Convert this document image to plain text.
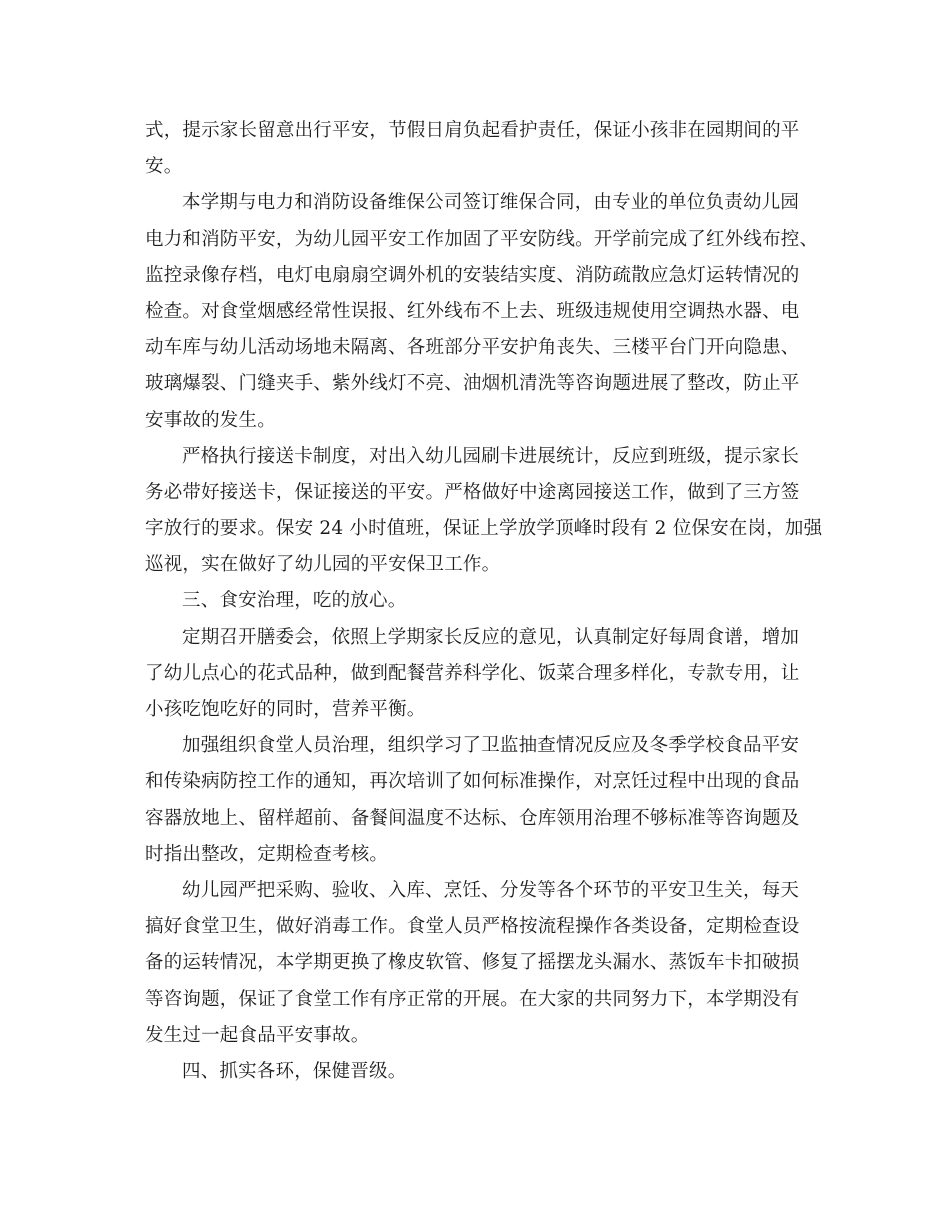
式，提示家长留意出行平安，节假日肩负起看护责任，保证小孩非在园期间的平
安。
本学期与电力和消防设备维保公司签订维保合同，由专业的单位负责幼儿园
电力和消防平安，为幼儿园平安工作加固了平安防线。开学前完成了红外线布控、
监控录像存档，电灯电扇扇空调外机的安装结实度、消防疏散应急灯运转情况的
检查。对食堂烟感经常性误报、红外线布不上去、班级违规使用空调热水器、电
动车库与幼儿活动场地未隔离、各班部分平安护角丧失、三楼平台门开向隐患、
玻璃爆裂、门缝夹手、紫外线灯不亮、油烟机清洗等咨询题进展了整改，防止平
安事故的发生。
严格执行接送卡制度，对出入幼儿园刷卡进展统计，反应到班级，提示家长
务必带好接送卡，保证接送的平安。严格做好中途离园接送工作，做到了三方签
字放行的要求。保安 24 小时值班，保证上学放学顶峰时段有 2 位保安在岗，加强
巡视，实在做好了幼儿园的平安保卫工作。
三、食安治理，吃的放心。
定期召开膳委会，依照上学期家长反应的意见，认真制定好每周食谱，增加
了幼儿点心的花式品种，做到配餐营养科学化、饭菜合理多样化，专款专用，让
小孩吃饱吃好的同时，营养平衡。
加强组织食堂人员治理，组织学习了卫监抽查情况反应及冬季学校食品平安
和传染病防控工作的通知，再次培训了如何标准操作，对烹饪过程中出现的食品
容器放地上、留样超前、备餐间温度不达标、仓库领用治理不够标准等咨询题及
时指出整改，定期检查考核。
幼儿园严把采购、验收、入库、烹饪、分发等各个环节的平安卫生关，每天
搞好食堂卫生，做好消毒工作。食堂人员严格按流程操作各类设备，定期检查设
备的运转情况，本学期更换了橡皮软管、修复了摇摆龙头漏水、蒸饭车卡扣破损
等咨询题，保证了食堂工作有序正常的开展。在大家的共同努力下，本学期没有
发生过一起食品平安事故。
四、抓实各环，保健晋级。
